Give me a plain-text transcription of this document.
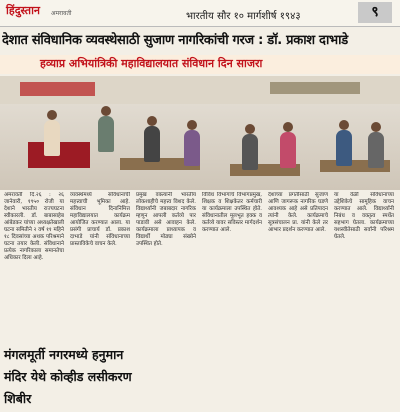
हिंदुस्तान अमरावती	भारतीय सौर १० मार्गशीर्ष १९४३	९
देशात संविधानिक व्यवस्थेसाठी सुजाण नागरिकांची गरज : डॉ. प्रकाश दाभाडे
हव्याप्र अभियांत्रिकी महाविद्यालयात संविधान दिन साजरा
अमरावती दि.२६ : २६ जानेवारी, १९५० रोजी या देशाने भारतीय राज्यघटना स्वीकारली. डॉ. बाबासाहेब आंबेडकर यांच्या अध्यक्षतेखाली घटना समितीने २ वर्ष ११ महिने १८ दिवसांच्या अथक परिश्रमाने घटना तयार केली. संविधानाने प्रत्येक नागरिकाला समानतेचा अधिकार दिला आहे.
व्यवस्थेमध्ये संविधानाची महत्त्वाची भूमिका आहे. संविधान दिनानिमित्त महाविद्यालयात कार्यक्रम आयोजित करण्यात आला. या प्रसंगी प्राचार्य डॉ. प्रकाश दाभाडे यांनी संविधानाच्या प्रास्ताविकेचे वाचन केले.
प्रमुख वक्त्यांनी भारतीय लोकशाहीचे महत्त्व विशद केले. विद्यार्थ्यांनी जबाबदार नागरिक म्हणून आपली कर्तव्ये पार पाडावी असे आवाहन केले. कार्यक्रमाला प्राध्यापक व विद्यार्थी मोठ्या संख्येने उपस्थित होते.
विविध विभागांचे विभागप्रमुख, शिक्षक व शिक्षकेतर कर्मचारी या कार्यक्रमाला उपस्थित होते. संविधानातील मूलभूत हक्क व कर्तव्ये यावर सविस्तर मार्गदर्शन करण्यात आले.
देशाच्या प्रगतीसाठी सुजाण आणि जागरूक नागरिक घडणे आवश्यक आहे असे प्रतिपादन त्यांनी केले. कार्यक्रमाचे सूत्रसंचालन प्रा. यांनी केले तर आभार प्रदर्शन करण्यात आले.
या वेळी संविधानाच्या उद्देशिकेचे सामूहिक वाचन करण्यात आले. विद्यार्थ्यांनी निबंध व वक्तृत्व स्पर्धेत सहभाग घेतला. कार्यक्रमाच्या यशस्वीतेसाठी सर्वांनी परिश्रम घेतले.
मंगलमूर्ती नगरमध्ये हनुमान मंदिर येथे कोव्हीड लसीकरण शिबीर
